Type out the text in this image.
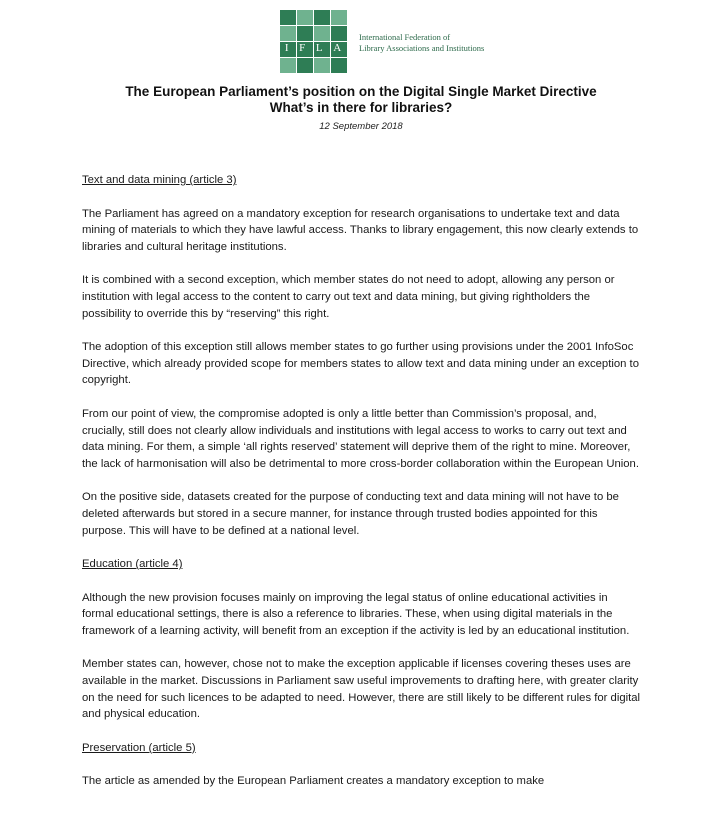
I F L A
International Federation of
Library Associations and Institutions
The European Parliament’s position on the Digital Single Market Directive
What’s in there for libraries?
12 September 2018
Text and data mining (article 3)

The Parliament has agreed on a mandatory exception for research organisations to undertake text and data mining of materials to which they have lawful access. Thanks to library engagement, this now clearly extends to libraries and cultural heritage institutions.

It is combined with a second exception, which member states do not need to adopt, allowing any person or institution with legal access to the content to carry out text and data mining, but giving rightholders the possibility to override this by “reserving” this right.

The adoption of this exception still allows member states to go further using provisions under the 2001 InfoSoc Directive, which already provided scope for members states to allow text and data mining under an exception to copyright.

From our point of view, the compromise adopted is only a little better than Commission’s proposal, and, crucially, still does not clearly allow individuals and institutions with legal access to works to carry out text and data mining. For them, a simple ‘all rights reserved’ statement will deprive them of the right to mine. Moreover, the lack of harmonisation will also be detrimental to more cross-border collaboration within the European Union.

On the positive side, datasets created for the purpose of conducting text and data mining will not have to be deleted afterwards but stored in a secure manner, for instance through trusted bodies appointed for this purpose. This will have to be defined at a national level.

Education (article 4)

Although the new provision focuses mainly on improving the legal status of online educational activities in formal educational settings, there is also a reference to libraries. These, when using digital materials in the framework of a learning activity, will benefit from an exception if the activity is led by an educational institution.

Member states can, however, chose not to make the exception applicable if licenses covering theses uses are available in the market. Discussions in Parliament saw useful improvements to drafting here, with greater clarity on the need for such licences to be adapted to need. However, there are still likely to be different rules for digital and physical education.

Preservation (article 5)

The article as amended by the European Parliament creates a mandatory exception to make
